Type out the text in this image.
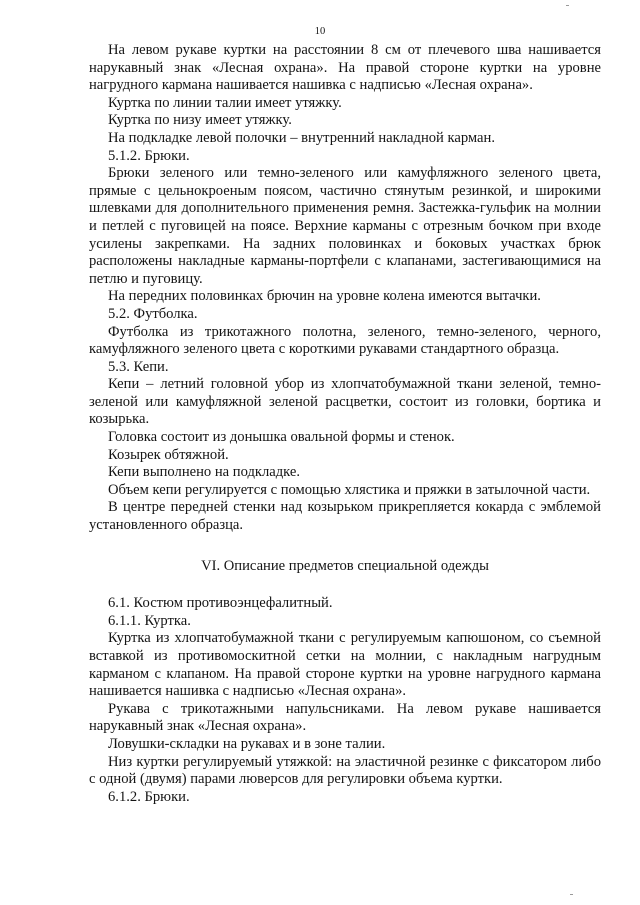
10

На левом рукаве куртки на расстоянии 8 см от плечевого шва нашивается нарукавный знак «Лесная охрана». На правой стороне куртки на уровне нагрудного кармана нашивается нашивка с надписью «Лесная охрана».

Куртка по линии талии имеет утяжку.

Куртка по низу имеет утяжку.

На подкладке левой полочки – внутренний накладной карман.

5.1.2. Брюки.

Брюки зеленого или темно-зеленого или камуфляжного зеленого цвета, прямые с цельнокроеным поясом, частично стянутым резинкой, и широкими шлевками для дополнительного применения ремня. Застежка-гульфик на молнии и петлей с пуговицей на поясе. Верхние карманы с отрезным бочком при входе усилены закрепками. На задних половинках и боковых участках брюк расположены накладные карманы-портфели с клапанами, застегивающимися на петлю и пуговицу.

На передних половинках брючин на уровне колена имеются вытачки.

5.2. Футболка.

Футболка из трикотажного полотна, зеленого, темно-зеленого, черного, камуфляжного зеленого цвета с короткими рукавами стандартного образца.

5.3. Кепи.

Кепи – летний головной убор из хлопчатобумажной ткани зеленой, темно-зеленой или камуфляжной зеленой расцветки, состоит из головки, бортика и козырька.

Головка состоит из донышка овальной формы и стенок.

Козырек обтяжной.

Кепи выполнено на подкладке.

Объем кепи регулируется с помощью хлястика и пряжки в затылочной части.

В центре передней стенки над козырьком прикрепляется кокарда с эмблемой установленного образца.

VI. Описание предметов специальной одежды

6.1. Костюм противоэнцефалитный.

6.1.1. Куртка.

Куртка из хлопчатобумажной ткани с регулируемым капюшоном, со съемной вставкой из противомоскитной сетки на молнии, с накладным нагрудным карманом с клапаном. На правой стороне куртки на уровне нагрудного кармана нашивается нашивка с надписью «Лесная охрана».

Рукава с трикотажными напульсниками. На левом рукаве нашивается нарукавный знак «Лесная охрана».

Ловушки-складки на рукавах и в зоне талии.

Низ куртки регулируемый утяжкой: на эластичной резинке с фиксатором либо с одной (двумя) парами люверсов для регулировки объема куртки.

6.1.2. Брюки.
